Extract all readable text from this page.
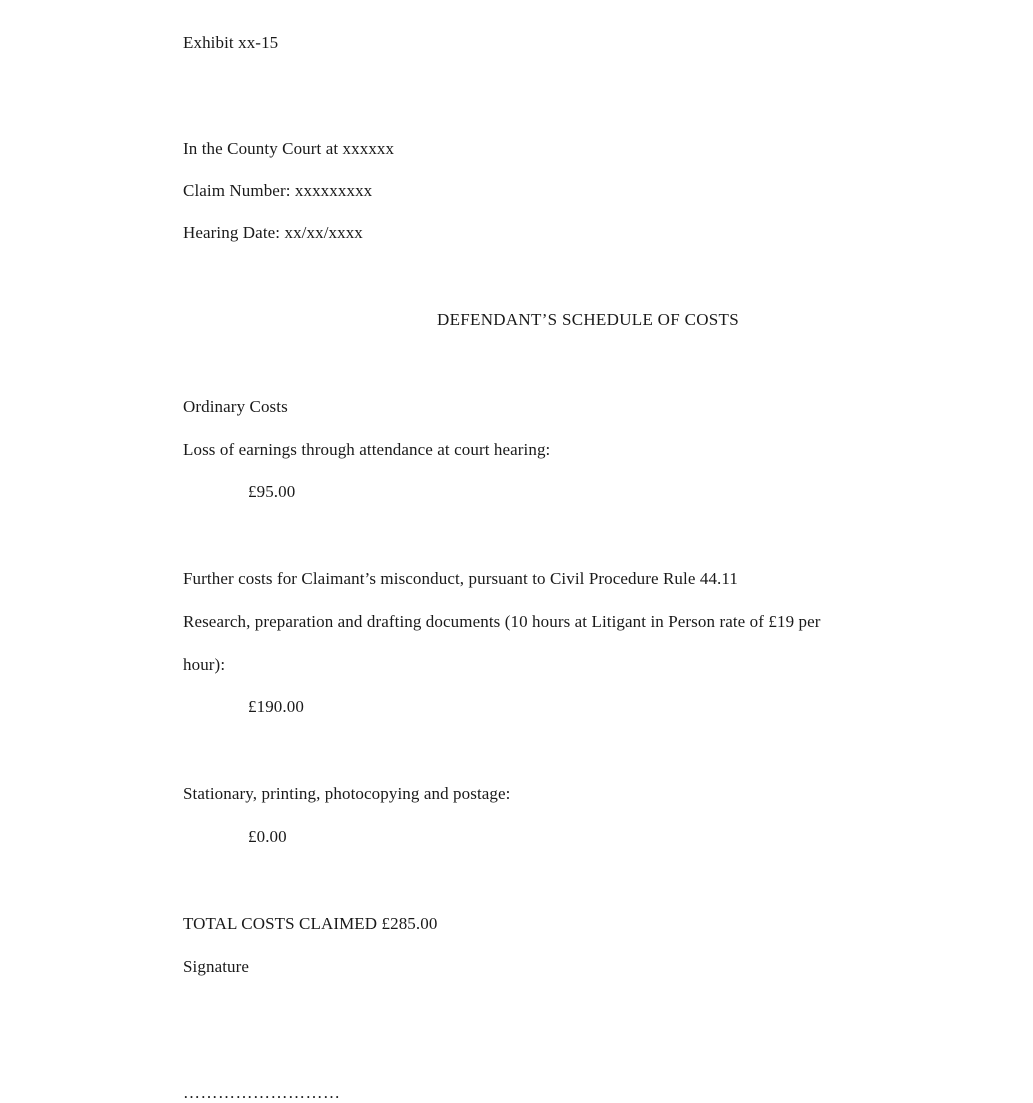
Exhibit xx-15
In the County Court at xxxxxx
Claim Number: xxxxxxxxx
Hearing Date: xx/xx/xxxx
DEFENDANT’S SCHEDULE OF COSTS
Ordinary Costs
Loss of earnings through attendance at court hearing:
£95.00
Further costs for Claimant’s misconduct, pursuant to Civil Procedure Rule 44.11
Research, preparation and drafting documents (10 hours at Litigant in Person rate of £19 per
hour):
£190.00
Stationary, printing, photocopying and postage:
£0.00
TOTAL COSTS CLAIMED £285.00
Signature
………………………
